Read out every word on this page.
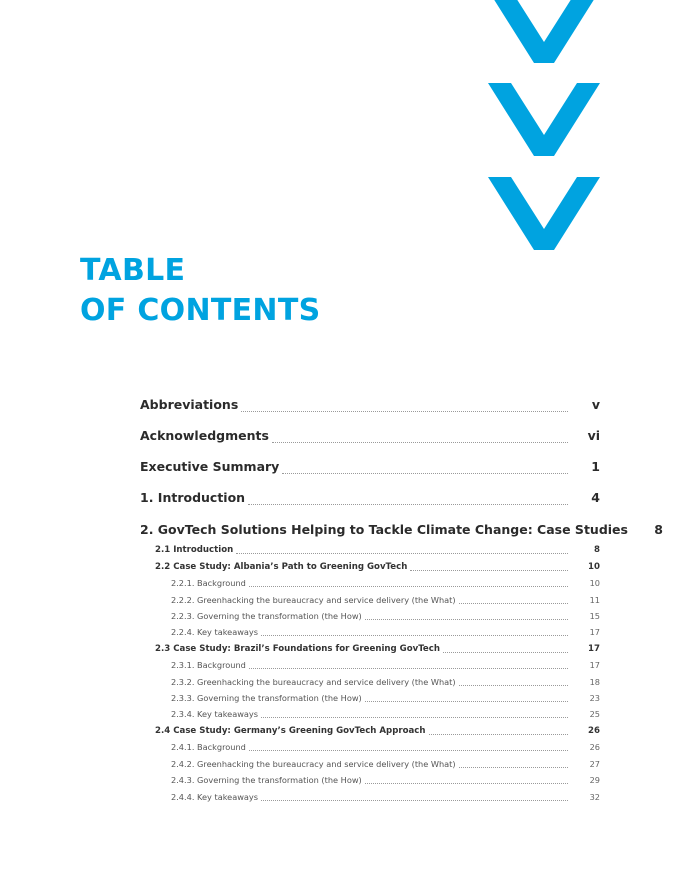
TABLE
OF CONTENTS
Abbreviations	v
Acknowledgments	vi
Executive Summary	1
1. Introduction	4
2. GovTech Solutions Helping to Tackle Climate Change: Case Studies	8
2.1 Introduction	8
2.2 Case Study: Albania’s Path to Greening GovTech	10
2.2.1. Background	10
2.2.2. Greenhacking the bureaucracy and service delivery (the What)	11
2.2.3. Governing the transformation (the How)	15
2.2.4. Key takeaways	17
2.3 Case Study: Brazil’s Foundations for Greening GovTech	17
2.3.1. Background	17
2.3.2. Greenhacking the bureaucracy and service delivery (the What)	18
2.3.3. Governing the transformation (the How)	23
2.3.4. Key takeaways	25
2.4 Case Study: Germany’s Greening GovTech Approach	26
2.4.1. Background	26
2.4.2. Greenhacking the bureaucracy and service delivery (the What)	27
2.4.3. Governing the transformation (the How)	29
2.4.4. Key takeaways	32
